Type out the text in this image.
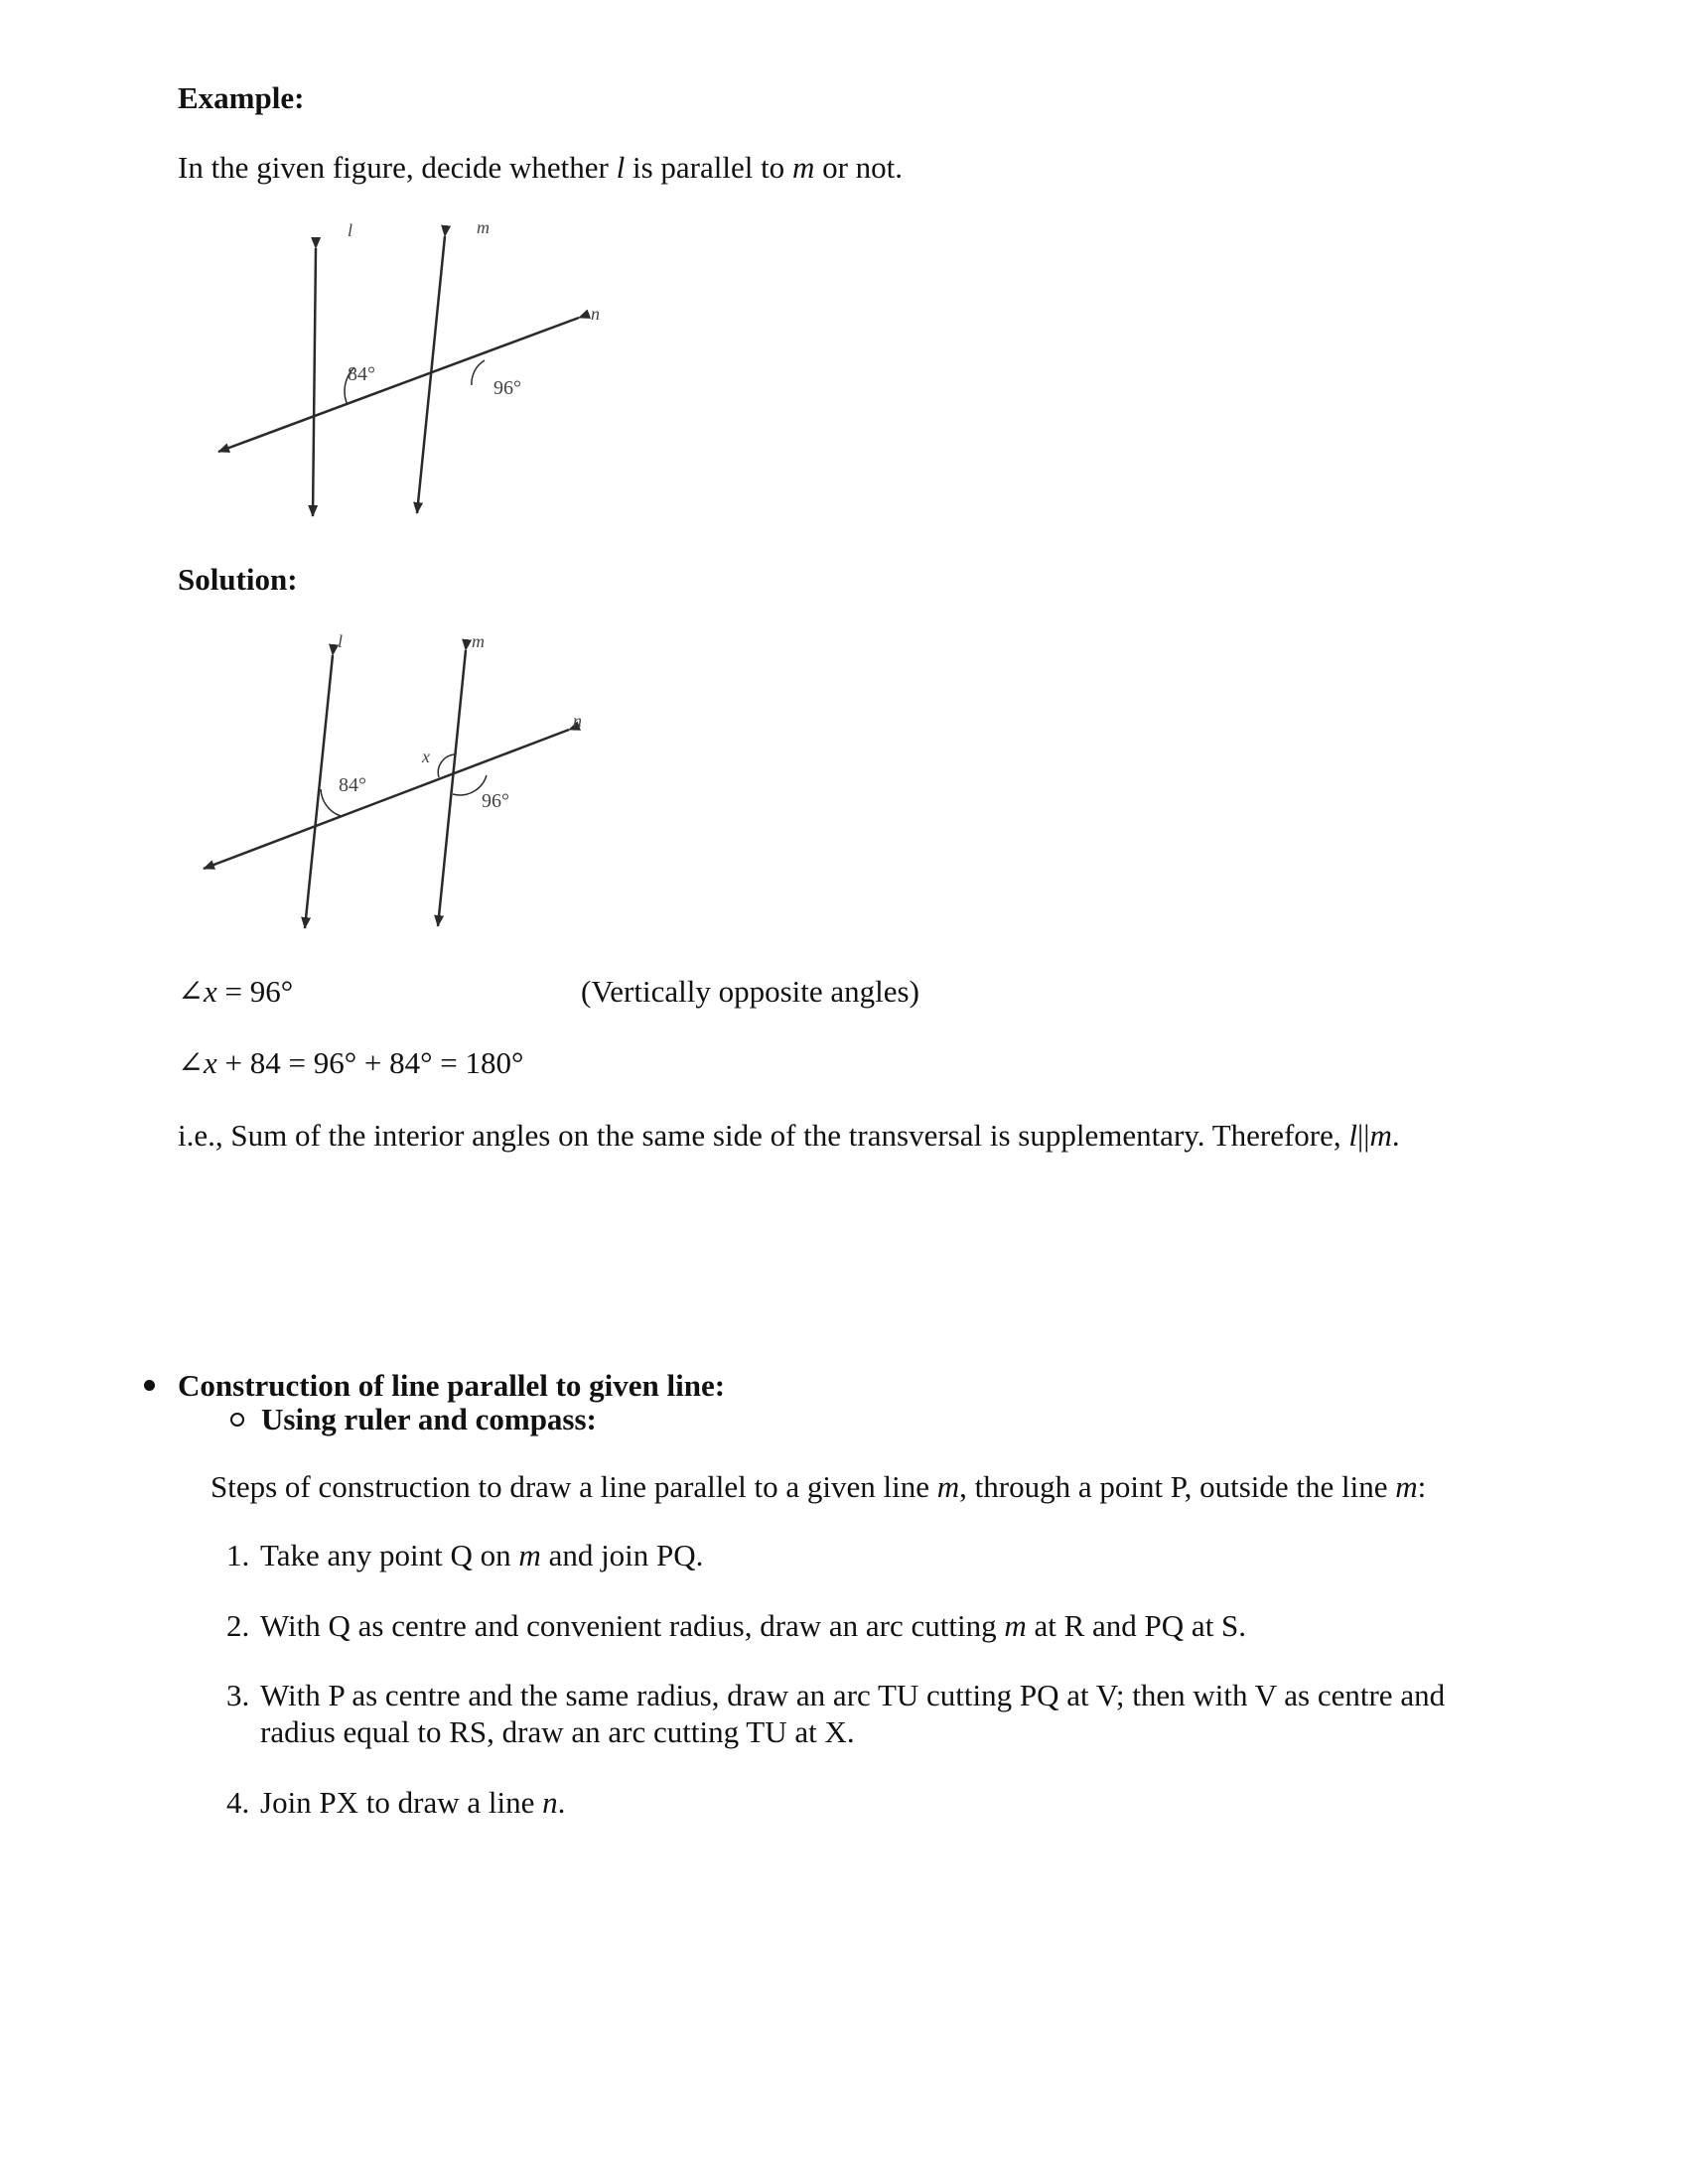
Example:
In the given figure, decide whether l is parallel to m or not.
l	m
n
84°
96°
Solution:
l	m
n
x
84°
96°
∠x = 96°	(Vertically opposite angles)
∠x + 84 = 96° + 84° = 180°
i.e., Sum of the interior angles on the same side of the transversal is supplementary. Therefore, l||m.
Construction of line parallel to given line:
Using ruler and compass:
Steps of construction to draw a line parallel to a given line m, through a point P, outside the line m:
1. Take any point Q on m and join PQ.
2. With Q as centre and convenient radius, draw an arc cutting m at R and PQ at S.
3. With P as centre and the same radius, draw an arc TU cutting PQ at V; then with V as centre and
radius equal to RS, draw an arc cutting TU at X.
4. Join PX to draw a line n.
